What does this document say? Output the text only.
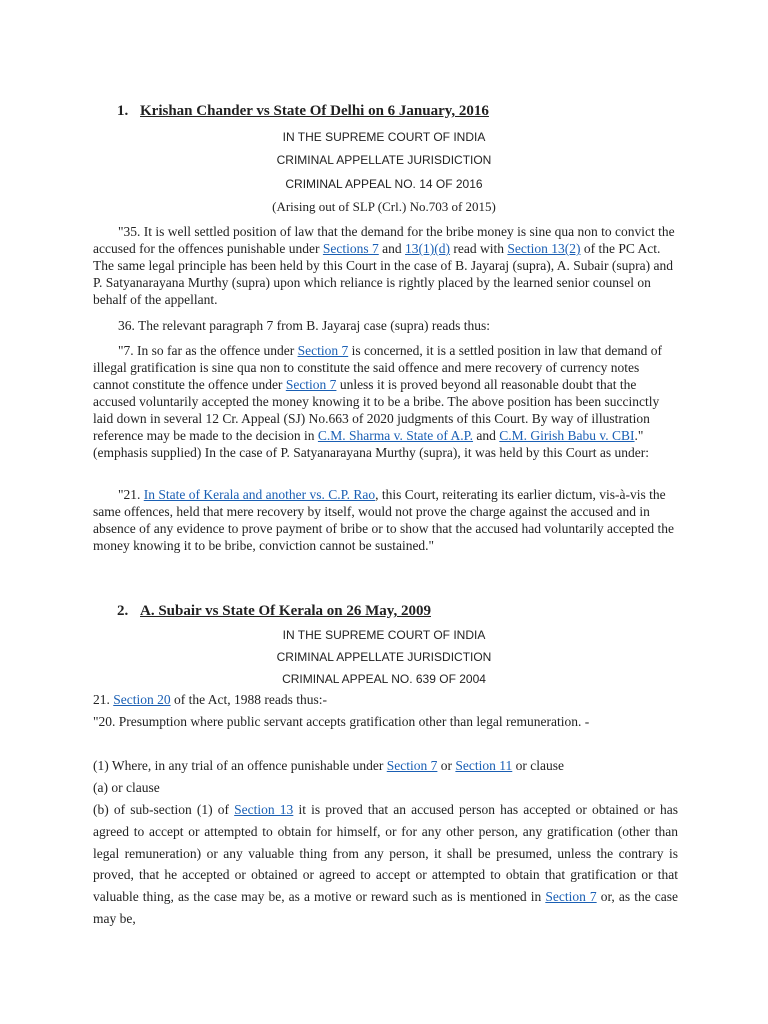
1. Krishan Chander vs State Of Delhi on 6 January, 2016
IN THE SUPREME COURT OF INDIA
CRIMINAL APPELLATE JURISDICTION
CRIMINAL APPEAL NO. 14 OF 2016
(Arising out of SLP (Crl.) No.703 of 2015)

"35. It is well settled position of law that the demand for the bribe money is sine qua non to convict the accused for the offences punishable under Sections 7 and 13(1)(d) read with Section 13(2) of the PC Act. The same legal principle has been held by this Court in the case of B. Jayaraj (supra), A. Subair (supra) and P. Satyanarayana Murthy (supra) upon which reliance is rightly placed by the learned senior counsel on behalf of the appellant.

36. The relevant paragraph 7 from B. Jayaraj case (supra) reads thus:

"7. In so far as the offence under Section 7 is concerned, it is a settled position in law that demand of illegal gratification is sine qua non to constitute the said offence and mere recovery of currency notes cannot constitute the offence under Section 7 unless it is proved beyond all reasonable doubt that the accused voluntarily accepted the money knowing it to be a bribe. The above position has been succinctly laid down in several 12 Cr. Appeal (SJ) No.663 of 2020 judgments of this Court. By way of illustration reference may be made to the decision in C.M. Sharma v. State of A.P. and C.M. Girish Babu v. CBI." (emphasis supplied) In the case of P. Satyanarayana Murthy (supra), it was held by this Court as under:

"21. In State of Kerala and another vs. C.P. Rao, this Court, reiterating its earlier dictum, vis-à-vis the same offences, held that mere recovery by itself, would not prove the charge against the accused and in absence of any evidence to prove payment of bribe or to show that the accused had voluntarily accepted the money knowing it to be bribe, conviction cannot be sustained."

2. A. Subair vs State Of Kerala on 26 May, 2009
IN THE SUPREME COURT OF INDIA
CRIMINAL APPELLATE JURISDICTION
CRIMINAL APPEAL NO. 639 OF 2004

21. Section 20 of the Act, 1988 reads thus:-

"20. Presumption where public servant accepts gratification other than legal remuneration. -

(1) Where, in any trial of an offence punishable under Section 7 or Section 11 or clause

(a) or clause

(b) of sub-section (1) of Section 13 it is proved that an accused person has accepted or obtained or has agreed to accept or attempted to obtain for himself, or for any other person, any gratification (other than legal remuneration) or any valuable thing from any person, it shall be presumed, unless the contrary is proved, that he accepted or obtained or agreed to accept or attempted to obtain that gratification or that valuable thing, as the case may be, as a motive or reward such as is mentioned in Section 7 or, as the case may be,
